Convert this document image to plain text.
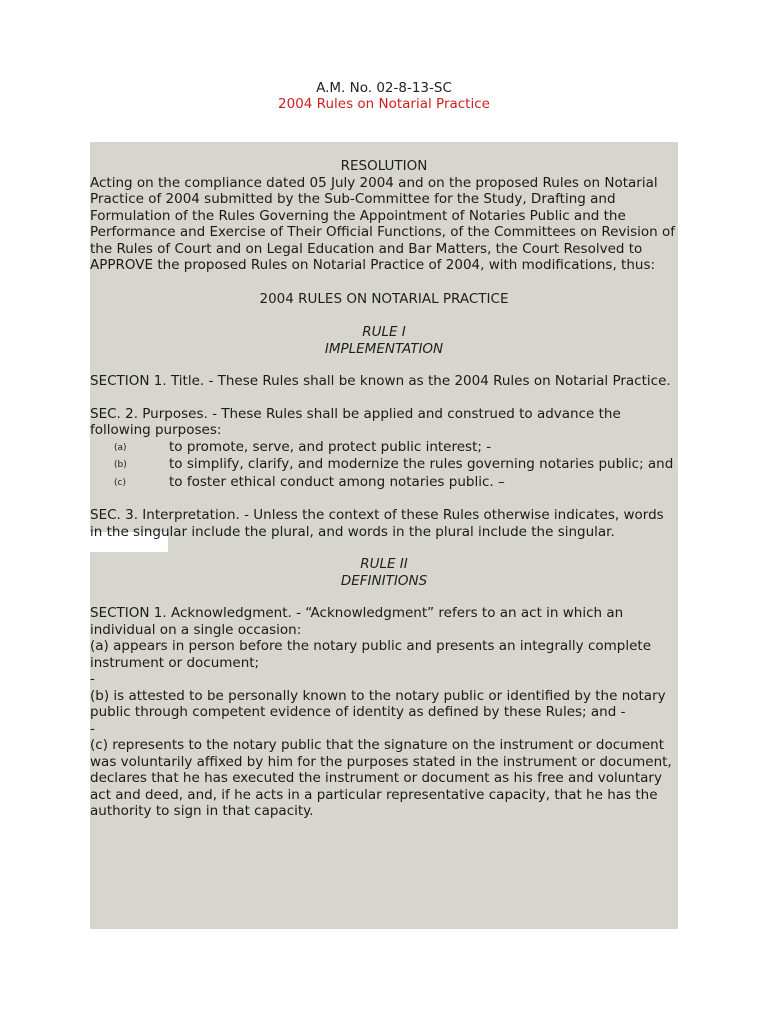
A.M. No. 02-8-13-SC
2004 Rules on Notarial Practice

RESOLUTION

Acting on the compliance dated 05 July 2004 and on the proposed Rules on Notarial Practice of 2004 submitted by the Sub-Committee for the Study, Drafting and Formulation of the Rules Governing the Appointment of Notaries Public and the Performance and Exercise of Their Official Functions, of the Committees on Revision of the Rules of Court and on Legal Education and Bar Matters, the Court Resolved to APPROVE the proposed Rules on Notarial Practice of 2004, with modifications, thus:

2004 RULES ON NOTARIAL PRACTICE

RULE I

IMPLEMENTATION

SECTION 1. Title. - These Rules shall be known as the 2004 Rules on Notarial Practice.

SEC. 2. Purposes. - These Rules shall be applied and construed to advance the following purposes:

(a)	to promote, serve, and protect public interest; -
(b)	to simplify, clarify, and modernize the rules governing notaries public; and
(c)	to foster ethical conduct among notaries public. –

SEC. 3. Interpretation. - Unless the context of these Rules otherwise indicates, words in the singular include the plural, and words in the plural include the singular.

RULE II

DEFINITIONS

SECTION 1. Acknowledgment. - “Acknowledgment” refers to an act in which an individual on a single occasion:

(a) appears in person before the notary public and presents an integrally complete instrument or document;

-

(b) is attested to be personally known to the notary public or identified by the notary public through competent evidence of identity as defined by these Rules; and -

-

(c) represents to the notary public that the signature on the instrument or document was voluntarily affixed by him for the purposes stated in the instrument or document, declares that he has executed the instrument or document as his free and voluntary act and deed, and, if he acts in a particular representative capacity, that he has the authority to sign in that capacity.
